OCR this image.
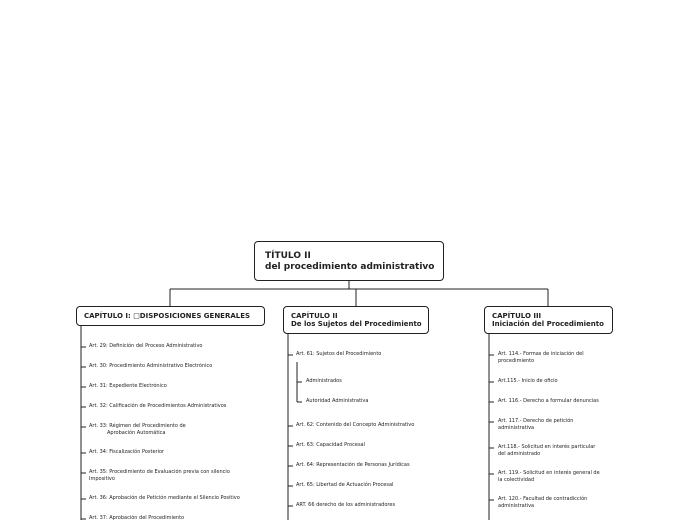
TÍTULO II
del procedimiento administrativo
CAPÍTULO I: □DISPOSICIONES GENERALES	CAPÍTULO II
De los Sujetos del Procedimiento
CAPÍTULO III
Iniciación del Procedimiento
Art. 29: Definición del Proceso Administrativo
Art. 30: Procedimiento Administrativo Electrónico
Art. 31: Expediente Electrónico
Art. 32: Calificación de Procedimientos Administrativos
Art. 33: Régimen del Procedimiento de
Aprobación Automática
Art. 34: Fiscalización Posterior
Art. 35: Procedimiento de Evaluación previa con silencio
Impositivo
Art. 36: Aprobación de Petición mediante el Silencio Positivo
Art. 37: Aprobación del Procedimiento
Art. 61: Sujetos del Procedimiento
Administrados
Autoridad Administrativa
Art. 62: Contenido del Concepto Administrativo
Art. 63: Capacidad Procesal
Art. 64: Representación de Personas Jurídicas
Art. 65: Libertad de Actuación Procesal
ART. 66 derecho de los administradores
Art. 114.- Formas de iniciación del
procedimiento
Art.115.- Inicio de oficio
Art. 116.- Derecho a formular denuncias
Art. 117.- Derecho de petición
administrativa
Art.118.- Solicitud en interés particular
del administrado
Art. 119.- Solicitud en interés general de
la colectividad
Art. 120.- Facultad de contradicción
administrativa
